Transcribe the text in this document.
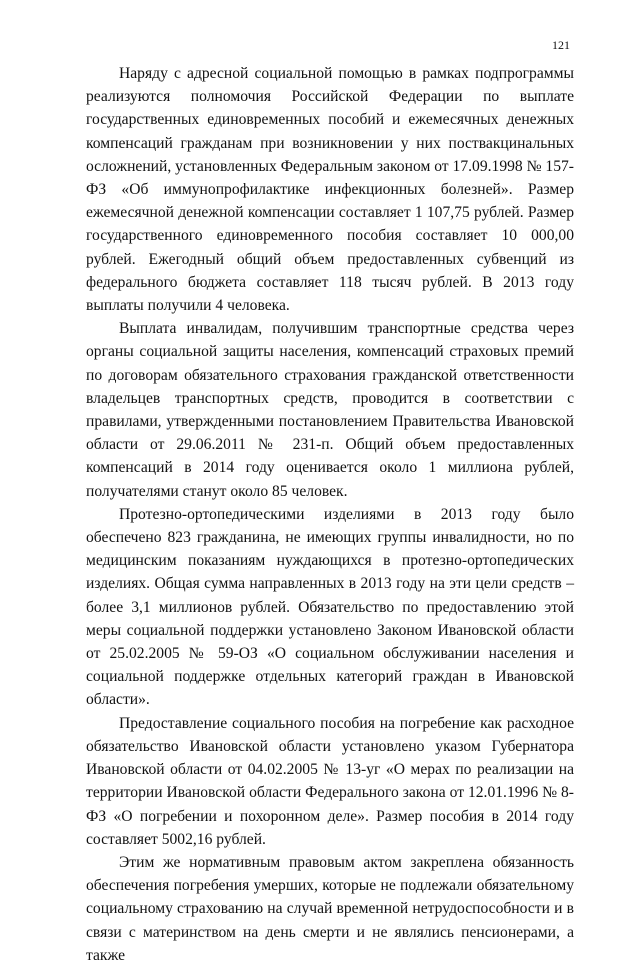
121

Наряду с адресной социальной помощью в рамках подпрограммы реализуются полномочия Российской Федерации по выплате государственных единовременных пособий и ежемесячных денежных компенсаций гражданам при возникновении у них поствакцинальных осложнений, установленных Федеральным законом от 17.09.1998 № 157-ФЗ «Об иммунопрофилактике инфекционных болезней». Размер ежемесячной денежной компенсации составляет 1 107,75 рублей. Размер государственного единовременного пособия составляет 10 000,00 рублей. Ежегодный общий объем предоставленных субвенций из федерального бюджета составляет 118 тысяч рублей. В 2013 году выплаты получили 4 человека.

Выплата инвалидам, получившим транспортные средства через органы социальной защиты населения, компенсаций страховых премий по договорам обязательного страхования гражданской ответственности владельцев транспортных средств, проводится в соответствии с правилами, утвержденными постановлением Правительства Ивановской области от 29.06.2011 № 231-п. Общий объем предоставленных компенсаций в 2014 году оценивается около 1 миллиона рублей, получателями станут около 85 человек.

Протезно-ортопедическими изделиями в 2013 году было обеспечено 823 гражданина, не имеющих группы инвалидности, но по медицинским показаниям нуждающихся в протезно-ортопедических изделиях. Общая сумма направленных в 2013 году на эти цели средств – более 3,1 миллионов рублей. Обязательство по предоставлению этой меры социальной поддержки установлено Законом Ивановской области от 25.02.2005 № 59-ОЗ «О социальном обслуживании населения и социальной поддержке отдельных категорий граждан в Ивановской области».

Предоставление социального пособия на погребение как расходное обязательство Ивановской области установлено указом Губернатора Ивановской области от 04.02.2005 № 13-уг «О мерах по реализации на территории Ивановской области Федерального закона от 12.01.1996 № 8-ФЗ «О погребении и похоронном деле». Размер пособия в 2014 году составляет 5002,16 рублей.

Этим же нормативным правовым актом закреплена обязанность обеспечения погребения умерших, которые не подлежали обязательному социальному страхованию на случай временной нетрудоспособности и в связи с материнством на день смерти и не являлись пенсионерами, а также
